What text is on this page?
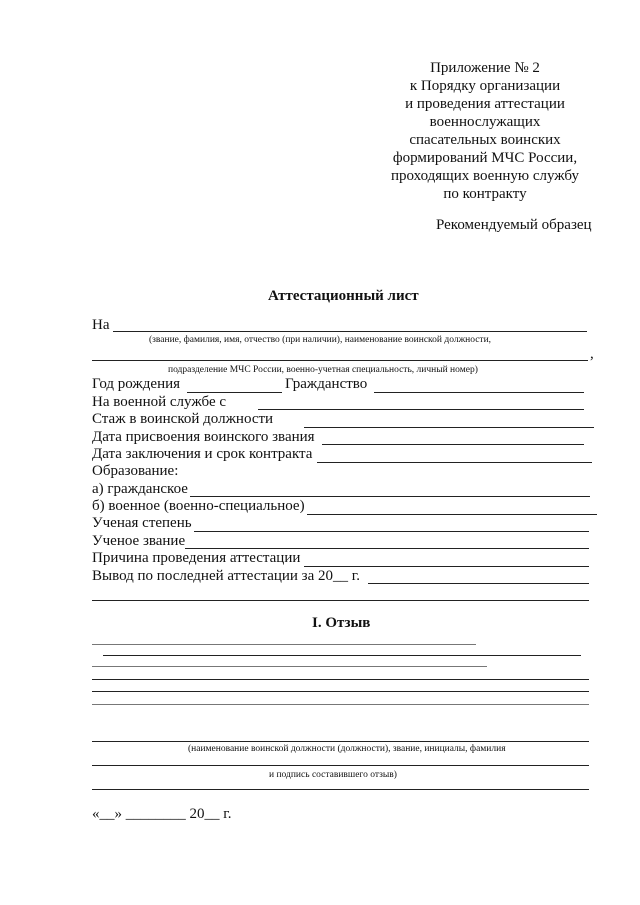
Приложение № 2
к Порядку организации
и проведения аттестации
военнослужащих
спасательных воинских
формирований МЧС России,
проходящих военную службу
по контракту
Рекомендуемый образец
Аттестационный лист
На
(звание, фамилия, имя, отчество (при наличии), наименование воинской должности,
,
подразделение МЧС России, военно-учетная специальность, личный номер)
Год рождения	Гражданство
На военной службе с
Стаж в воинской должности
Дата присвоения воинского звания
Дата заключения и срок контракта
Образование:
а) гражданское
б) военное (военно-специальное)
Ученая степень
Ученое звание
Причина проведения аттестации
Вывод по последней аттестации за 20__ г.
I. Отзыв
(наименование воинской должности (должности), звание, инициалы, фамилия
и подпись составившего отзыв)
«__» ________ 20__ г.
